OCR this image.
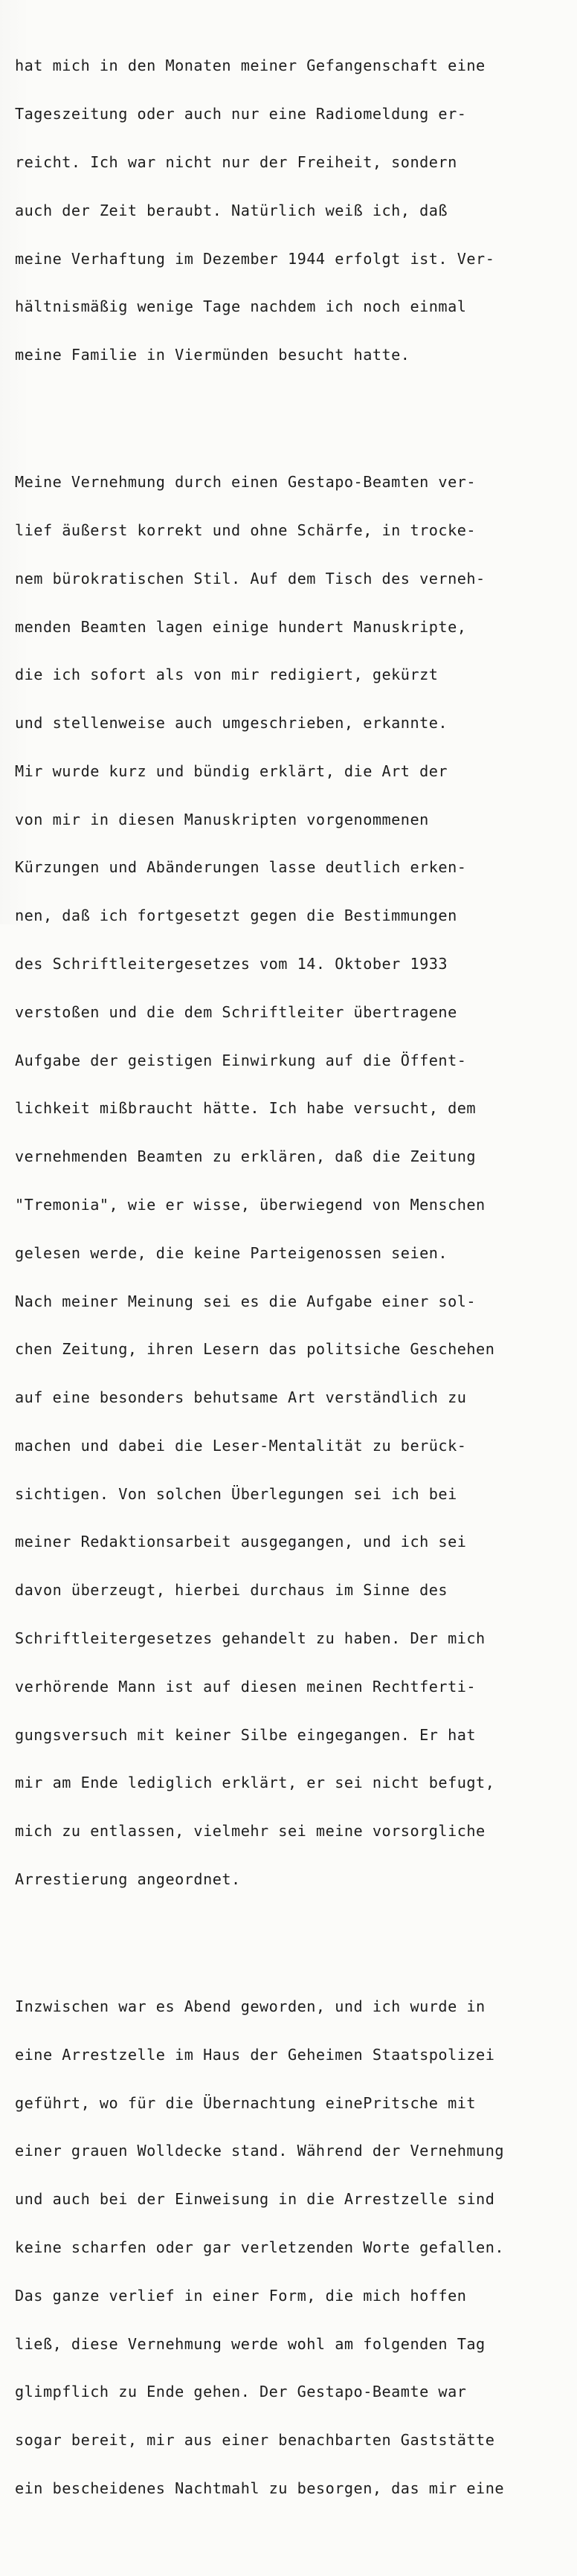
hat mich in den Monaten meiner Gefangenschaft eine

Tageszeitung oder auch nur eine Radiomeldung er-

reicht. Ich war nicht nur der Freiheit, sondern

auch der Zeit beraubt. Natürlich weiß ich, daß

meine Verhaftung im Dezember 1944 erfolgt ist. Ver-

hältnismäßig wenige Tage nachdem ich noch einmal

meine Familie in Viermünden besucht hatte.

Meine Vernehmung durch einen Gestapo-Beamten ver-

lief äußerst korrekt und ohne Schärfe, in trocke-

nem bürokratischen Stil. Auf dem Tisch des verneh-

menden Beamten lagen einige hundert Manuskripte,

die ich sofort als von mir redigiert, gekürzt

und stellenweise auch umgeschrieben, erkannte.

Mir wurde kurz und bündig erklärt, die Art der

von mir in diesen Manuskripten vorgenommenen

Kürzungen und Abänderungen lasse deutlich erken-

nen, daß ich fortgesetzt gegen die Bestimmungen

des Schriftleitergesetzes vom 14. Oktober 1933

verstoßen und die dem Schriftleiter übertragene

Aufgabe der geistigen Einwirkung auf die Öffent-

lichkeit mißbraucht hätte. Ich habe versucht, dem

vernehmenden Beamten zu erklären, daß die Zeitung

"Tremonia", wie er wisse, überwiegend von Menschen

gelesen werde, die keine Parteigenossen seien.

Nach meiner Meinung sei es die Aufgabe einer sol-

chen Zeitung, ihren Lesern das politsiche Geschehen

auf eine besonders behutsame Art verständlich zu

machen und dabei die Leser-Mentalität zu berück-

sichtigen. Von solchen Überlegungen sei ich bei

meiner Redaktionsarbeit ausgegangen, und ich sei

davon überzeugt, hierbei durchaus im Sinne des

Schriftleitergesetzes gehandelt zu haben. Der mich

verhörende Mann ist auf diesen meinen Rechtferti-

gungsversuch mit keiner Silbe eingegangen. Er hat

mir am Ende lediglich erklärt, er sei nicht befugt,

mich zu entlassen, vielmehr sei meine vorsorgliche

Arrestierung angeordnet.

Inzwischen war es Abend geworden, und ich wurde in

eine Arrestzelle im Haus der Geheimen Staatspolizei

geführt, wo für die Übernachtung einePritsche mit

einer grauen Wolldecke stand. Während der Vernehmung

und auch bei der Einweisung in die Arrestzelle sind

keine scharfen oder gar verletzenden Worte gefallen.

Das ganze verlief in einer Form, die mich hoffen

ließ, diese Vernehmung werde wohl am folgenden Tag

glimpflich zu Ende gehen. Der Gestapo-Beamte war

sogar bereit, mir aus einer benachbarten Gaststätte

ein bescheidenes Nachtmahl zu besorgen, das mir eine
